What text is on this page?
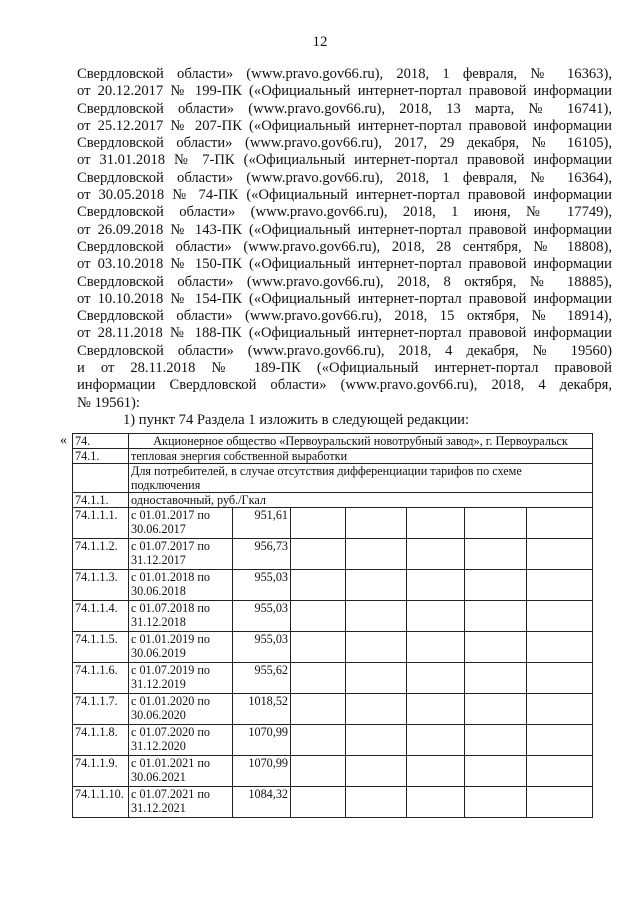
12
Свердловской области» (www.pravo.gov66.ru), 2018, 1 февраля, № 16363),
от 20.12.2017 № 199-ПК («Официальный интернет-портал правовой информации
Свердловской области» (www.pravo.gov66.ru), 2018, 13 марта, № 16741),
от 25.12.2017 № 207-ПК («Официальный интернет-портал правовой информации
Свердловской области» (www.pravo.gov66.ru), 2017, 29 декабря, № 16105),
от 31.01.2018 № 7-ПК («Официальный интернет-портал правовой информации
Свердловской области» (www.pravo.gov66.ru), 2018, 1 февраля, № 16364),
от 30.05.2018 № 74-ПК («Официальный интернет-портал правовой информации
Свердловской области» (www.pravo.gov66.ru), 2018, 1 июня, № 17749),
от 26.09.2018 № 143-ПК («Официальный интернет-портал правовой информации
Свердловской области» (www.pravo.gov66.ru), 2018, 28 сентября, № 18808),
от 03.10.2018 № 150-ПК («Официальный интернет-портал правовой информации
Свердловской области» (www.pravo.gov66.ru), 2018, 8 октября, № 18885),
от 10.10.2018 № 154-ПК («Официальный интернет-портал правовой информации
Свердловской области» (www.pravo.gov66.ru), 2018, 15 октября, № 18914),
от 28.11.2018 № 188-ПК («Официальный интернет-портал правовой информации
Свердловской области» (www.pravo.gov66.ru), 2018, 4 декабря, № 19560)
и от 28.11.2018 № 189-ПК («Официальный интернет-портал правовой
информации Свердловской области» (www.pravo.gov66.ru), 2018, 4 декабря,
№ 19561):
1) пункт 74 Раздела 1 изложить в следующей редакции:
« 74.	Акционерное общество «Первоуральский новотрубный завод», г. Первоуральск						
74.1.	тепловая энергия собственной выработки						
	Для потребителей, в случае отсутствия дифференциации тарифов по схеме подключения						
74.1.1.	одноставочный, руб./Гкал						
74.1.1.1.	с 01.01.2017 по 30.06.2017	951,61					
74.1.1.2.	с 01.07.2017 по 31.12.2017	956,73					
74.1.1.3.	с 01.01.2018 по 30.06.2018	955,03					
74.1.1.4.	с 01.07.2018 по 31.12.2018	955,03					
74.1.1.5.	с 01.01.2019 по 30.06.2019	955,03					
74.1.1.6.	с 01.07.2019 по 31.12.2019	955,62					
74.1.1.7.	с 01.01.2020 по 30.06.2020	1018,52					
74.1.1.8.	с 01.07.2020 по 31.12.2020	1070,99					
74.1.1.9.	с 01.01.2021 по 30.06.2021	1070,99					
74.1.1.10.	с 01.07.2021 по 31.12.2021	1084,32					
